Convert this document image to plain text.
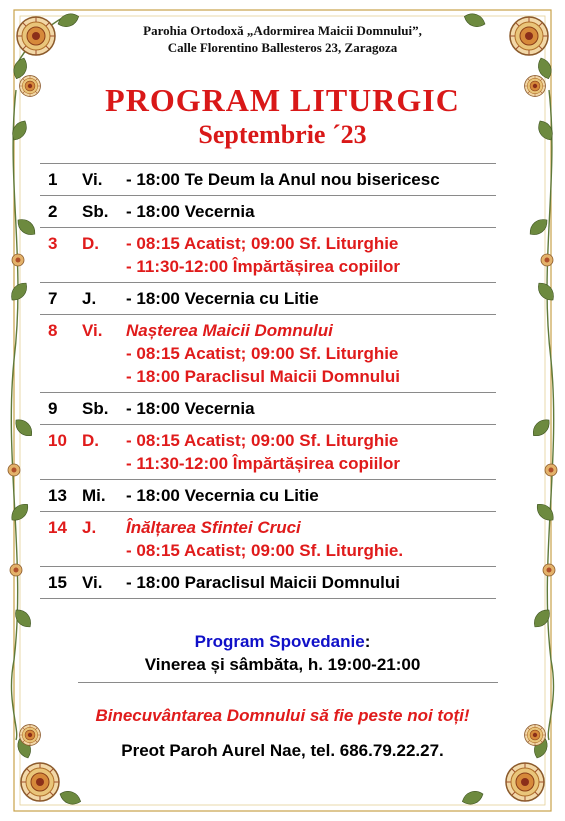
Parohia Ortodoxă „Adormirea Maicii Domnului”,
Calle Florentino Ballesteros 23, Zaragoza
PROGRAM LITURGIC
Septembrie ´23
1	Vi.	- 18:00 Te Deum la Anul nou bisericesc

2	Sb.	- 18:00 Vecernia

3	D.	- 08:15 Acatist; 09:00 Sf. Liturghie
- 11:30-12:00 Împărtășirea copiilor

7	J.	- 18:00 Vecernia cu Litie

8	Vi.	Nașterea Maicii Domnului
- 08:15 Acatist; 09:00 Sf. Liturghie
- 18:00 Paraclisul Maicii Domnului

9	Sb.	- 18:00 Vecernia

10	D.	- 08:15 Acatist; 09:00 Sf. Liturghie
- 11:30-12:00 Împărtășirea copiilor

13	Mi.	- 18:00 Vecernia cu Litie

14	J.	Înălțarea Sfintei Cruci
- 08:15 Acatist; 09:00 Sf. Liturghie.

15	Vi.	- 18:00 Paraclisul Maicii Domnului
Program Spovedanie:
Vinerea și sâmbăta, h. 19:00-21:00
Binecuvântarea Domnului să fie peste noi toți!
Preot Paroh Aurel Nae, tel. 686.79.22.27.
